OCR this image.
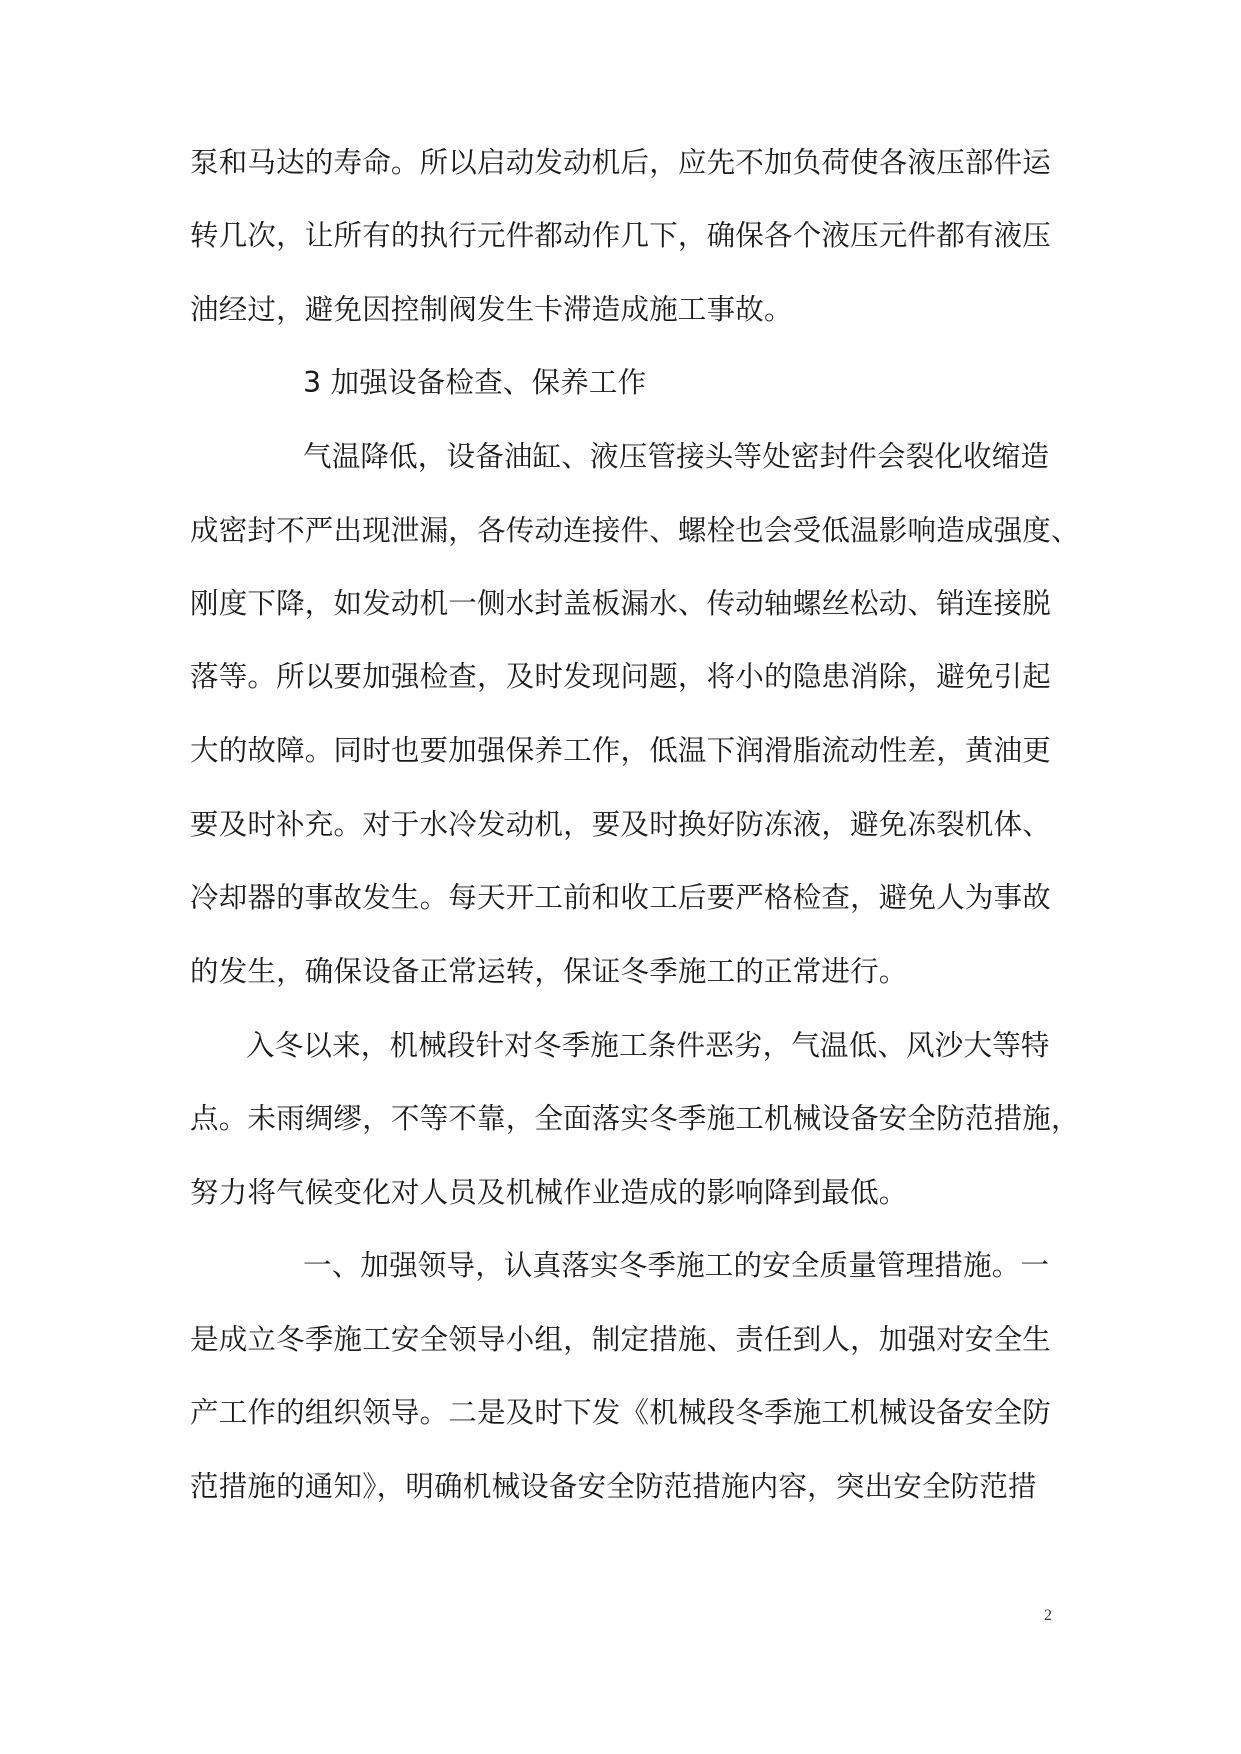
泵和马达的寿命。所以启动发动机后，应先不加负荷使各液压部件运
转几次，让所有的执行元件都动作几下，确保各个液压元件都有液压
油经过，避免因控制阀发生卡滞造成施工事故。
3 加强设备检查、保养工作
气温降低，设备油缸、液压管接头等处密封件会裂化收缩造
成密封不严出现泄漏，各传动连接件、螺栓也会受低温影响造成强度、
刚度下降，如发动机一侧水封盖板漏水、传动轴螺丝松动、销连接脱
落等。所以要加强检查，及时发现问题，将小的隐患消除，避免引起
大的故障。同时也要加强保养工作，低温下润滑脂流动性差，黄油更
要及时补充。对于水冷发动机，要及时换好防冻液，避免冻裂机体、
冷却器的事故发生。每天开工前和收工后要严格检查，避免人为事故
的发生，确保设备正常运转，保证冬季施工的正常进行。
入冬以来，机械段针对冬季施工条件恶劣，气温低、风沙大等特
点。未雨绸缪，不等不靠，全面落实冬季施工机械设备安全防范措施，
努力将气候变化对人员及机械作业造成的影响降到最低。
一、加强领导，认真落实冬季施工的安全质量管理措施。一
是成立冬季施工安全领导小组，制定措施、责任到人，加强对安全生
产工作的组织领导。二是及时下发《机械段冬季施工机械设备安全防
范措施的通知》，明确机械设备安全防范措施内容，突出安全防范措
2
